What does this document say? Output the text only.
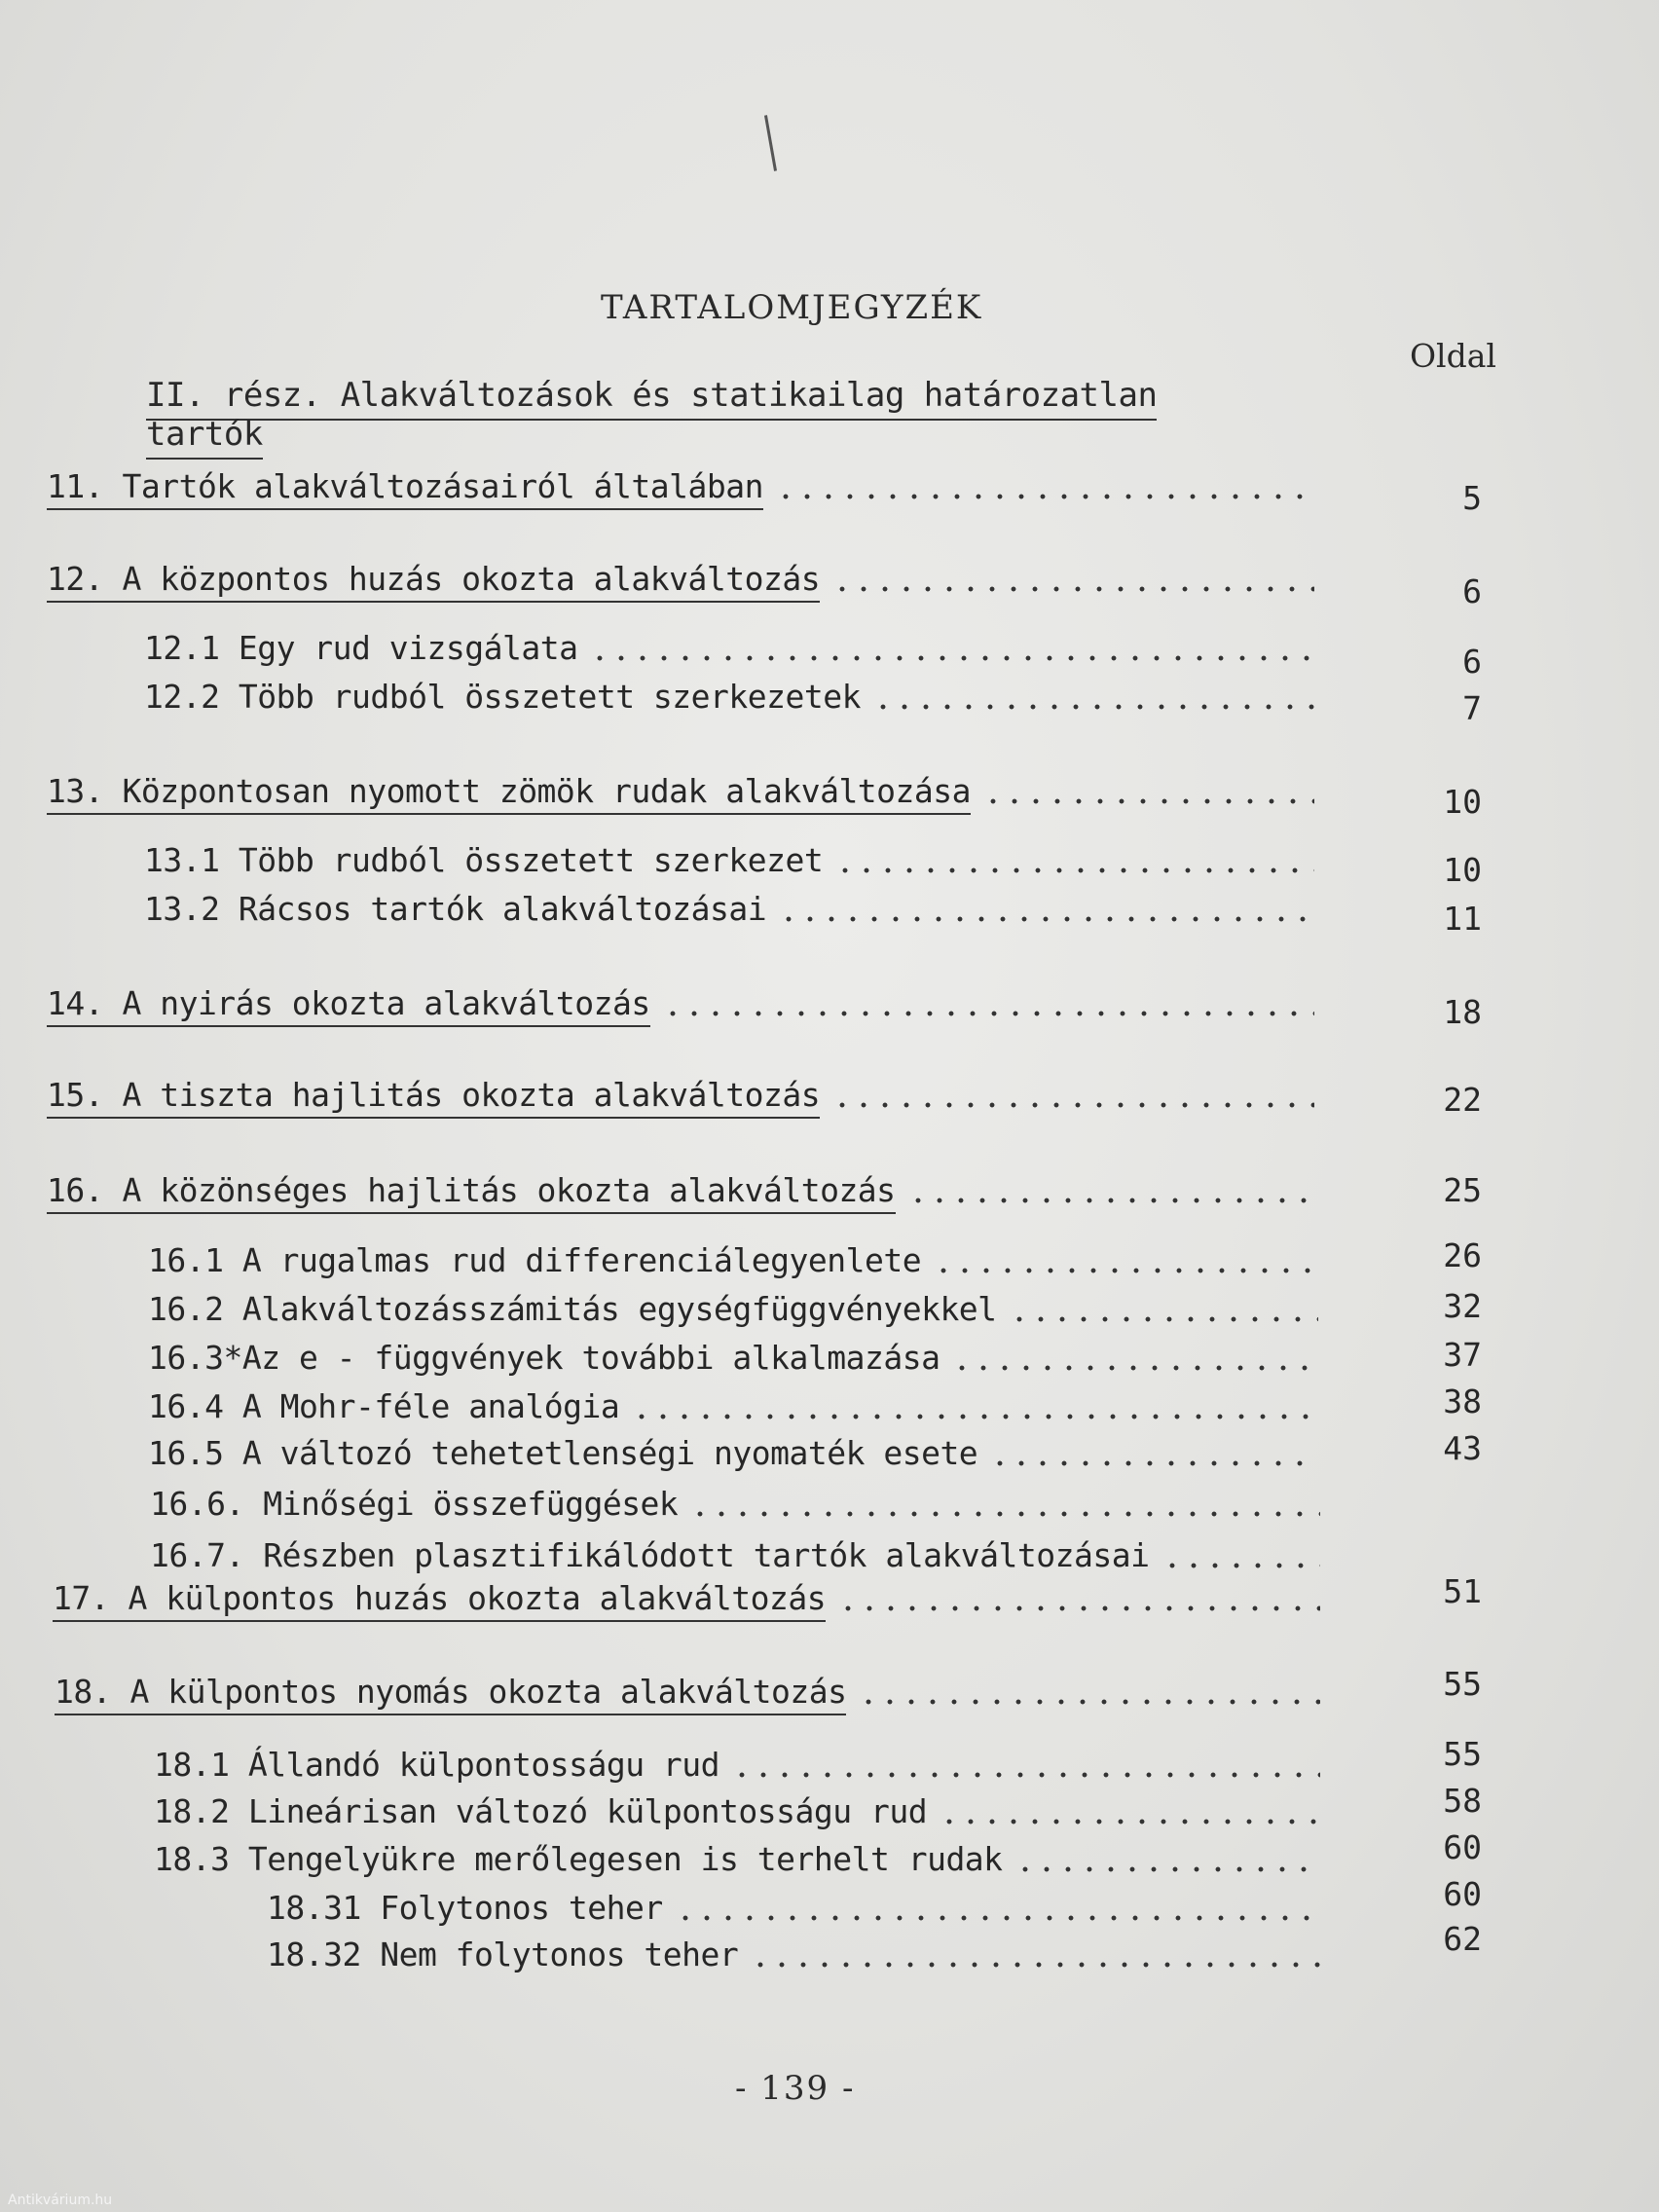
TARTALOMJEGYZÉK
Oldal
II. rész. Alakváltozások és statikailag határozatlan tartók
11. Tartók alakváltozásairól általában	5
12. A központos huzás okozta alakváltozás	6
12.1 Egy rud vizsgálata	6
12.2 Több rudból összetett szerkezetek	7
13. Központosan nyomott zömök rudak alakváltozása	10
13.1 Több rudból összetett szerkezet	10
13.2 Rácsos tartók alakváltozásai	11
14. A nyirás okozta alakváltozás	18
15. A tiszta hajlitás okozta alakváltozás	22
16. A közönséges hajlitás okozta alakváltozás	25
16.1 A rugalmas rud differenciálegyenlete	26
16.2 Alakváltozásszámitás egységfüggvényekkel	32
16.3*Az e - függvények további alkalmazása	37
16.4 A Mohr-féle analógia	38
16.5 A változó tehetetlenségi nyomaték esete	43
16.6. Minőségi összefüggések
16.7. Részben plasztifikálódott tartók alakváltozásai
17. A külpontos huzás okozta alakváltozás	51
18. A külpontos nyomás okozta alakváltozás	55
18.1 Állandó külpontosságu rud	55
18.2 Lineárisan változó külpontosságu rud	58
18.3 Tengelyükre merőlegesen is terhelt rudak	60
18.31 Folytonos teher	60
18.32 Nem folytonos teher	62
- 139 -
Antikvárium.hu
